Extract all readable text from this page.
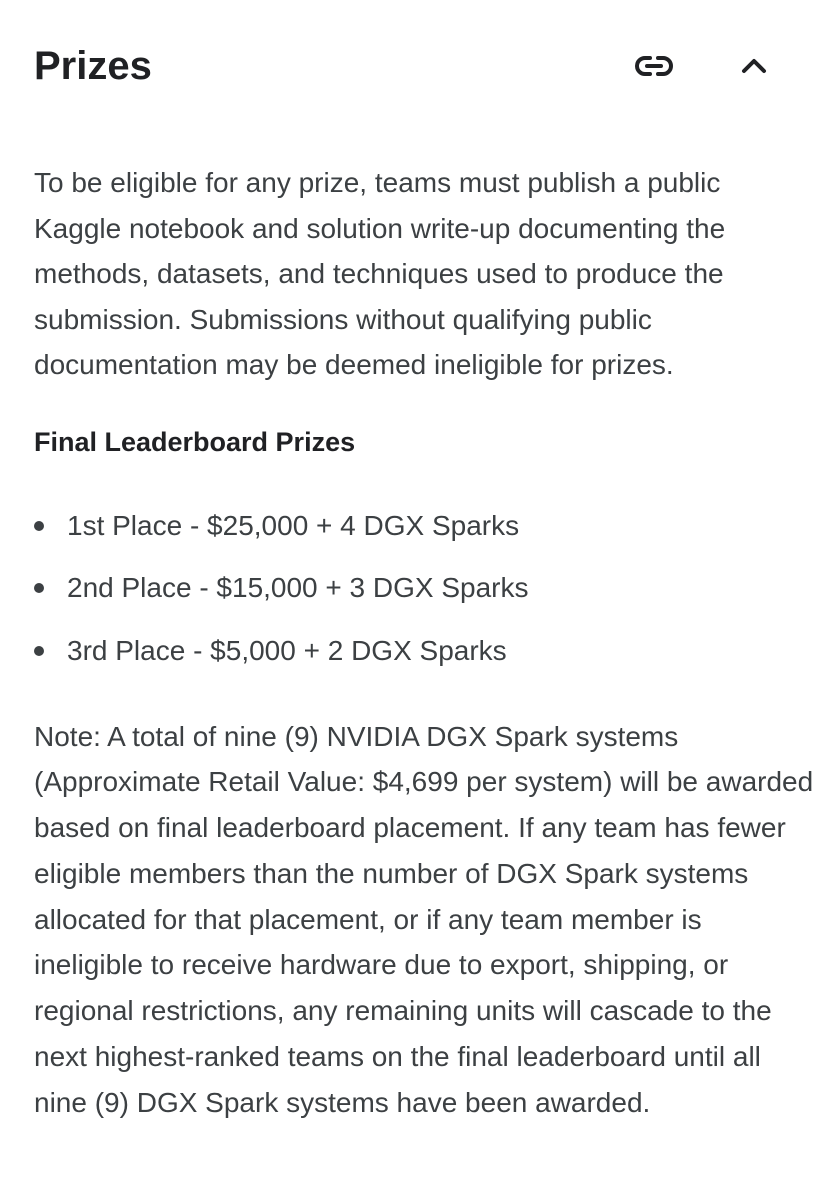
Prizes

To be eligible for any prize, teams must publish a public Kaggle notebook and solution write-up documenting the methods, datasets, and techniques used to produce the submission. Submissions without qualifying public documentation may be deemed ineligible for prizes.

Final Leaderboard Prizes
1st Place - $25,000 + 4 DGX Sparks
2nd Place - $15,000 + 3 DGX Sparks
3rd Place - $5,000 + 2 DGX Sparks

Note: A total of nine (9) NVIDIA DGX Spark systems (Approximate Retail Value: $4,699 per system) will be awarded based on final leaderboard placement. If any team has fewer eligible members than the number of DGX Spark systems allocated for that placement, or if any team member is ineligible to receive hardware due to export, shipping, or regional restrictions, any remaining units will cascade to the next highest-ranked teams on the final leaderboard until all nine (9) DGX Spark systems have been awarded.
